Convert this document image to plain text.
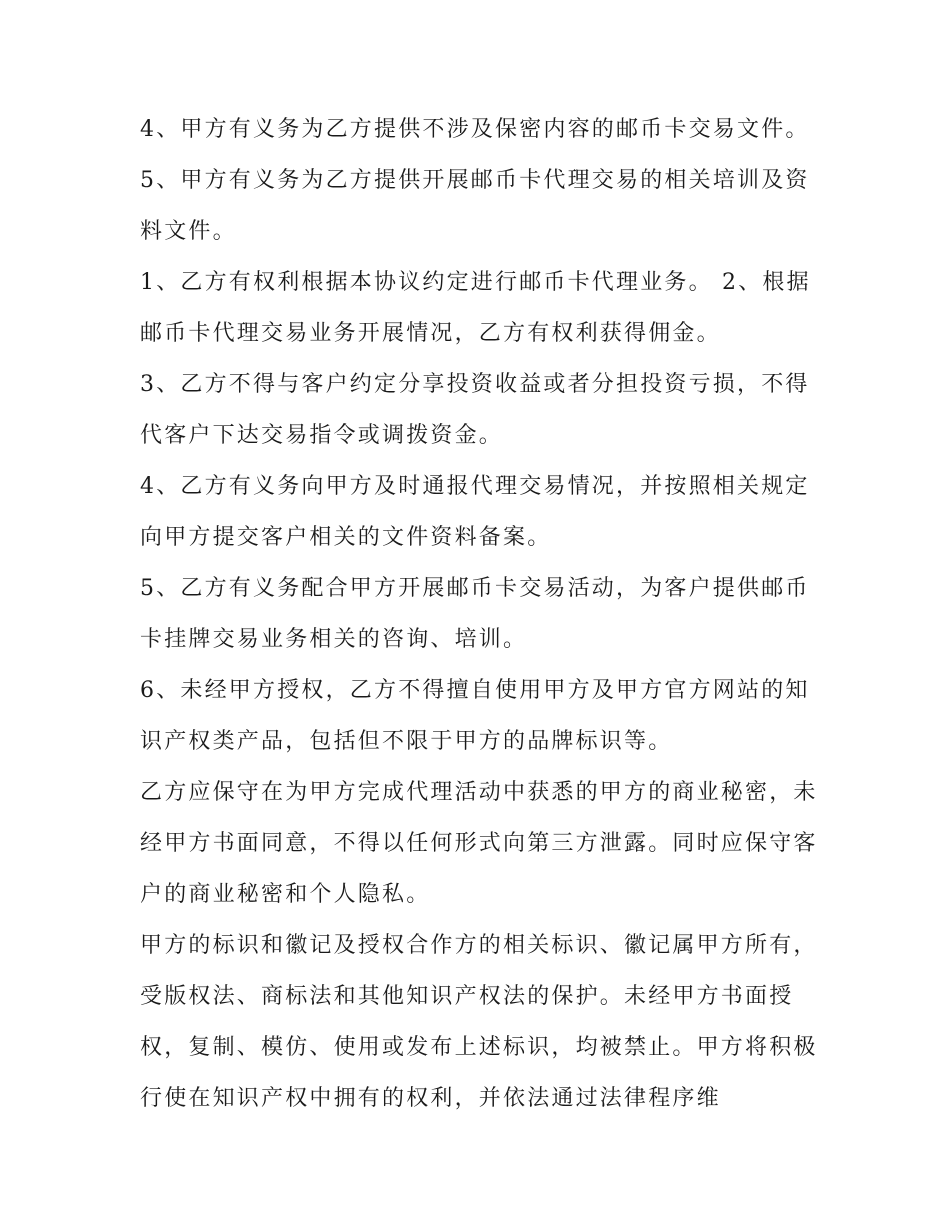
4、甲方有义务为乙方提供不涉及保密内容的邮币卡交易文件。 5、甲方有义务为乙方提供开展邮币卡代理交易的相关培训及资料文件。

1、乙方有权利根据本协议约定进行邮币卡代理业务。 2、根据邮币卡代理交易业务开展情况，乙方有权利获得佣金。

3、乙方不得与客户约定分享投资收益或者分担投资亏损，不得代客户下达交易指令或调拨资金。

4、乙方有义务向甲方及时通报代理交易情况，并按照相关规定向甲方提交客户相关的文件资料备案。

5、乙方有义务配合甲方开展邮币卡交易活动，为客户提供邮币卡挂牌交易业务相关的咨询、培训。

6、未经甲方授权，乙方不得擅自使用甲方及甲方官方网站的知识产权类产品，包括但不限于甲方的品牌标识等。

乙方应保守在为甲方完成代理活动中获悉的甲方的商业秘密，未经甲方书面同意，不得以任何形式向第三方泄露。同时应保守客户的商业秘密和个人隐私。

甲方的标识和徽记及授权合作方的相关标识、徽记属甲方所有，受版权法、商标法和其他知识产权法的保护。未经甲方书面授权，复制、模仿、使用或发布上述标识，均被禁止。甲方将积极行使在知识产权中拥有的权利，并依法通过法律程序维
